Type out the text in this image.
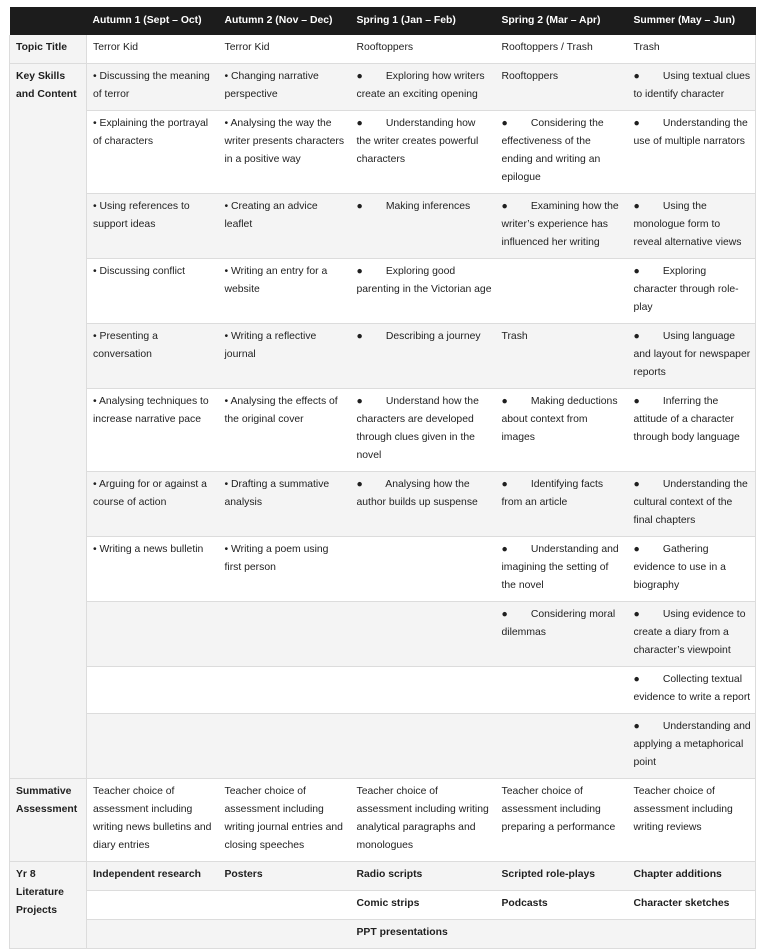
	Autumn 1 (Sept – Oct)	Autumn 2 (Nov – Dec)	Spring 1 (Jan – Feb)	Spring 2 (Mar – Apr)	Summer (May – Jun)
Topic Title	Terror Kid	Terror Kid	Rooftoppers	Rooftoppers / Trash	Trash
Key Skills and Content	• Discussing the meaning of terror	• Changing narrative perspective	●        Exploring how writers create an exciting opening	Rooftoppers	●        Using textual clues to identify character
	• Explaining the portrayal of characters	• Analysing the way the writer presents characters in a positive way	●        Understanding how the writer creates powerful characters	●        Considering the effectiveness of the ending and writing an epilogue	●        Understanding the use of multiple narrators
	• Using references to support ideas	• Creating an advice leaflet	●        Making inferences	●        Examining how the writer’s experience has influenced her writing	●        Using the monologue form to reveal alternative views
	• Discussing conflict	• Writing an entry for a website	●        Exploring good parenting in the Victorian age		●        Exploring character through role-play
	• Presenting a conversation	• Writing a reflective journal	●        Describing a journey	Trash	●        Using language and layout for newspaper reports
	• Analysing techniques to increase narrative pace	• Analysing the effects of the original cover	●        Understand how the characters are developed through clues given in the novel	●        Making deductions about context from images	●        Inferring the attitude of a character through body language
	• Arguing for or against a course of action	• Drafting a summative analysis	●        Analysing how the author builds up suspense	●        Identifying facts from an article	●        Understanding the cultural context of the final chapters
	• Writing a news bulletin	• Writing a poem using first person		●        Understanding and imagining the setting of the novel	●        Gathering evidence to use in a biography
				●        Considering moral dilemmas	●        Using evidence to create a diary from a character’s viewpoint
					●        Collecting textual evidence to write a report
					●        Understanding and applying a metaphorical point
Summative Assessment	Teacher choice of assessment including writing news bulletins and diary entries	Teacher choice of assessment including writing journal entries and closing speeches	Teacher choice of assessment including writing analytical paragraphs and monologues	Teacher choice of assessment including preparing a performance	Teacher choice of assessment including writing reviews
Yr 8 Literature Projects	Independent research	Posters	Radio scripts	Scripted role-plays	Chapter additions
			Comic strips	Podcasts	Character sketches
			PPT presentations		
